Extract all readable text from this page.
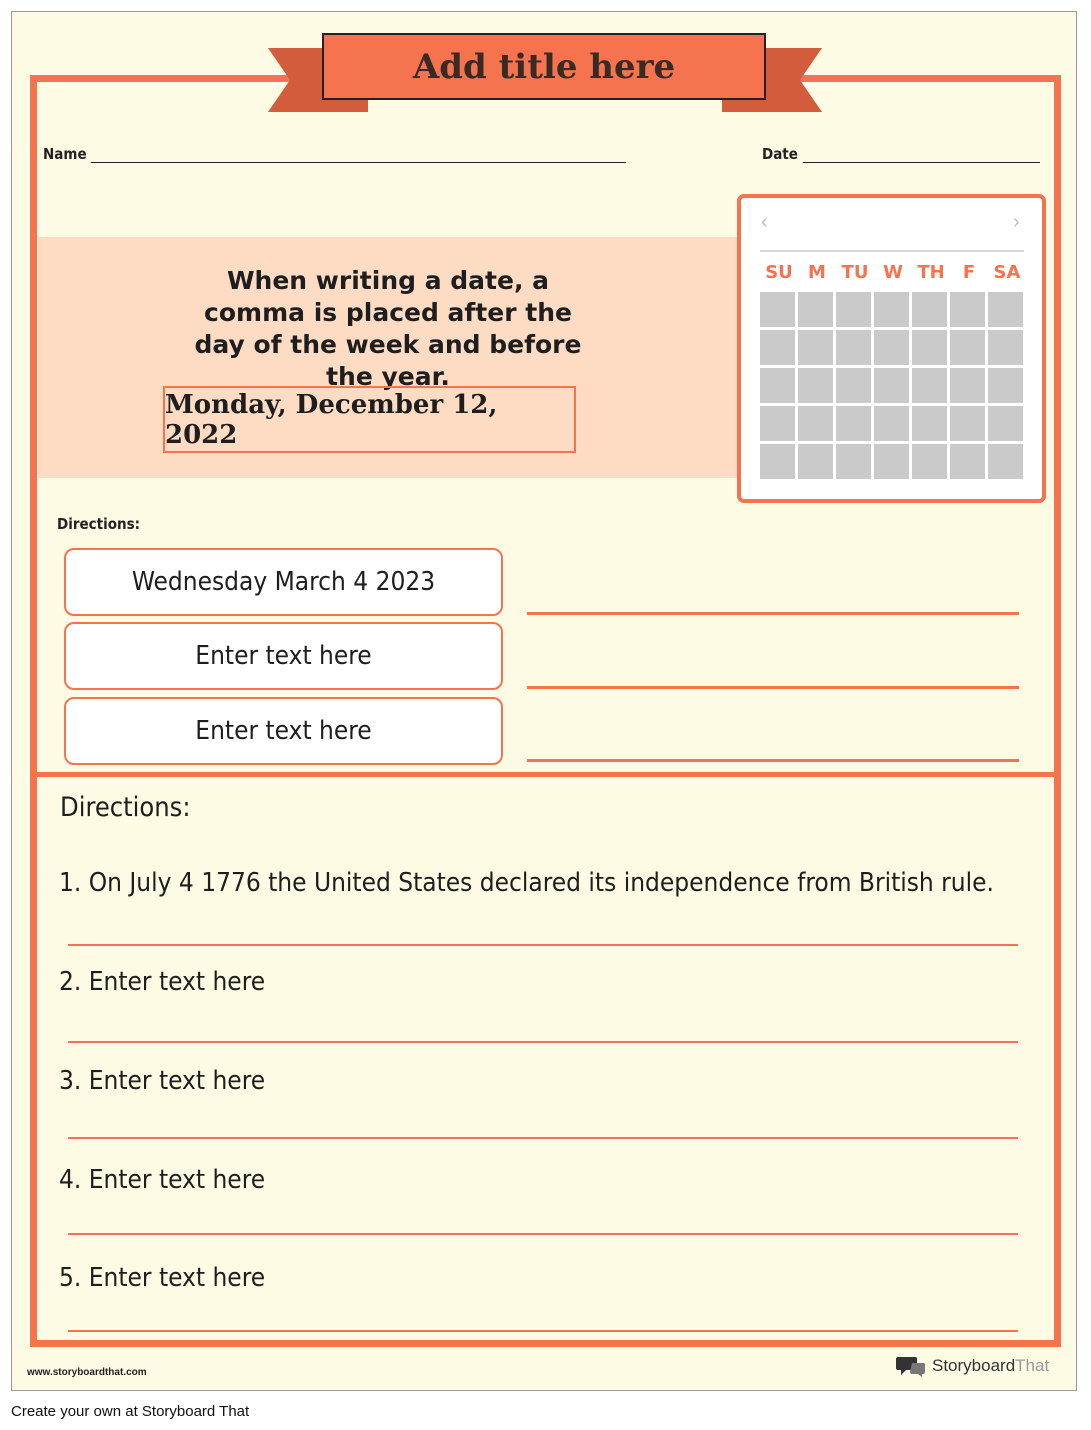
Add title here
Name	Date
When writing a date, a comma is placed after the day of the week and before the year.
Monday, December 12, 2022
‹	›
SU M TU W TH	F	SA
Directions:
Wednesday March 4 2023
Enter text here
Enter text here
Directions:
1. On July 4 1776 the United States declared its independence from British rule.
2. Enter text here
3. Enter text here
4. Enter text here
5. Enter text here
www.storyboardthat.com	StoryboardThat
Create your own at Storyboard That
